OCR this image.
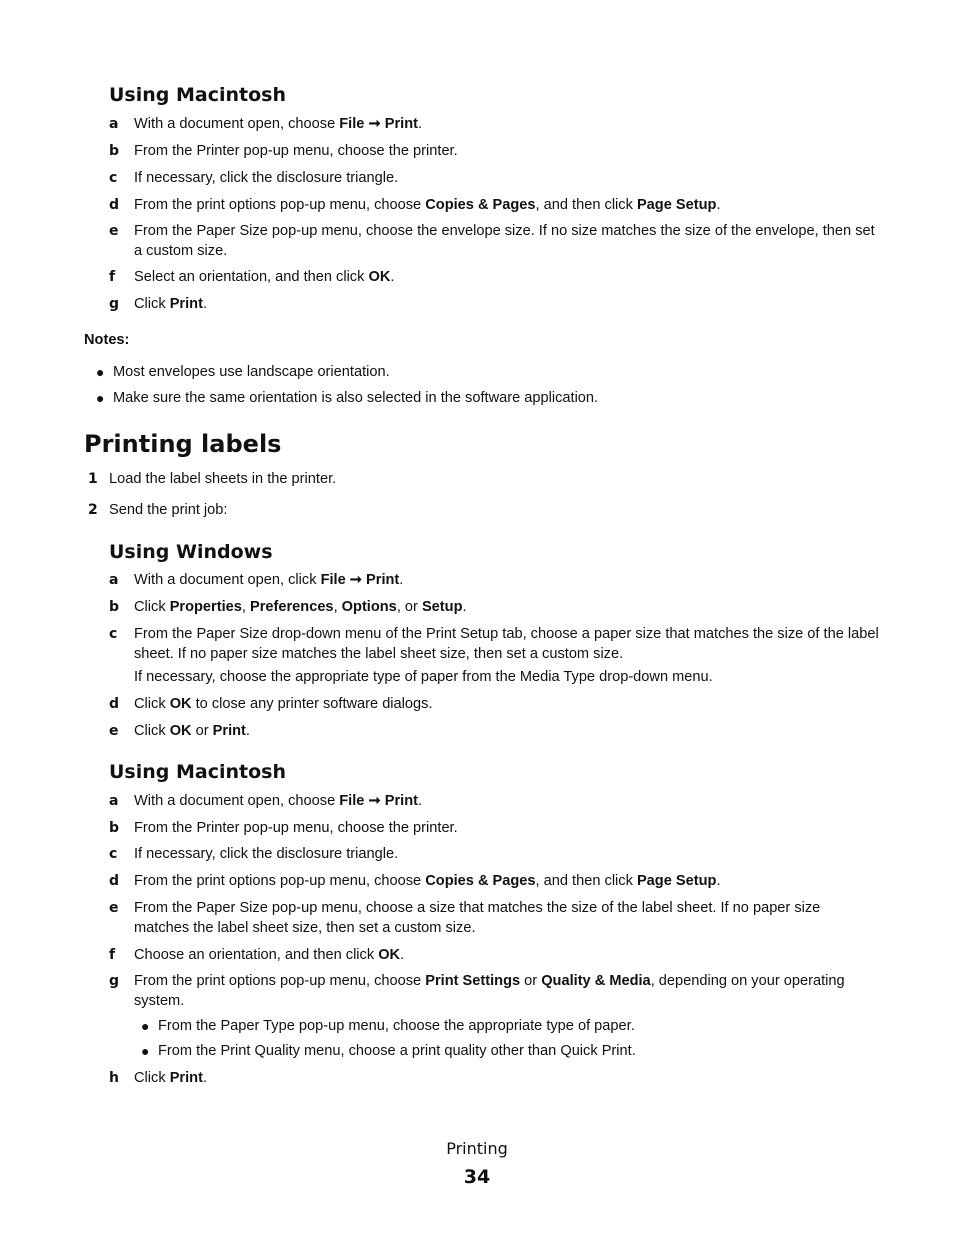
Using Macintosh
a	With a document open, choose File ➞ Print.
b From the Printer pop-up menu, choose the printer.
c	If necessary, click the disclosure triangle.
d From the print options pop-up menu, choose Copies & Pages, and then click Page Setup.
e	From the Paper Size pop-up menu, choose the envelope size. If no size matches the size of the envelope, then set a custom size.
f	Select an orientation, and then click OK.
g Click Print.
Notes:
● Most envelopes use landscape orientation.
● Make sure the same orientation is also selected in the software application.
Printing labels
1 Load the label sheets in the printer.
2 Send the print job:
Using Windows
a	With a document open, click File ➞ Print.
b Click Properties, Preferences, Options, or Setup.
c	From the Paper Size drop-down menu of the Print Setup tab, choose a paper size that matches the size of the label sheet. If no paper size matches the label sheet size, then set a custom size.
If necessary, choose the appropriate type of paper from the Media Type drop-down menu.
d Click OK to close any printer software dialogs.
e	Click OK or Print.
Using Macintosh
a	With a document open, choose File ➞ Print.
b From the Printer pop-up menu, choose the printer.
c	If necessary, click the disclosure triangle.
d From the print options pop-up menu, choose Copies & Pages, and then click Page Setup.
e	From the Paper Size pop-up menu, choose a size that matches the size of the label sheet. If no paper size matches the label sheet size, then set a custom size.
f	Choose an orientation, and then click OK.
g From the print options pop-up menu, choose Print Settings or Quality & Media, depending on your operating system.
● From the Paper Type pop-up menu, choose the appropriate type of paper.
● From the Print Quality menu, choose a print quality other than Quick Print.
h Click Print.
Printing
34
